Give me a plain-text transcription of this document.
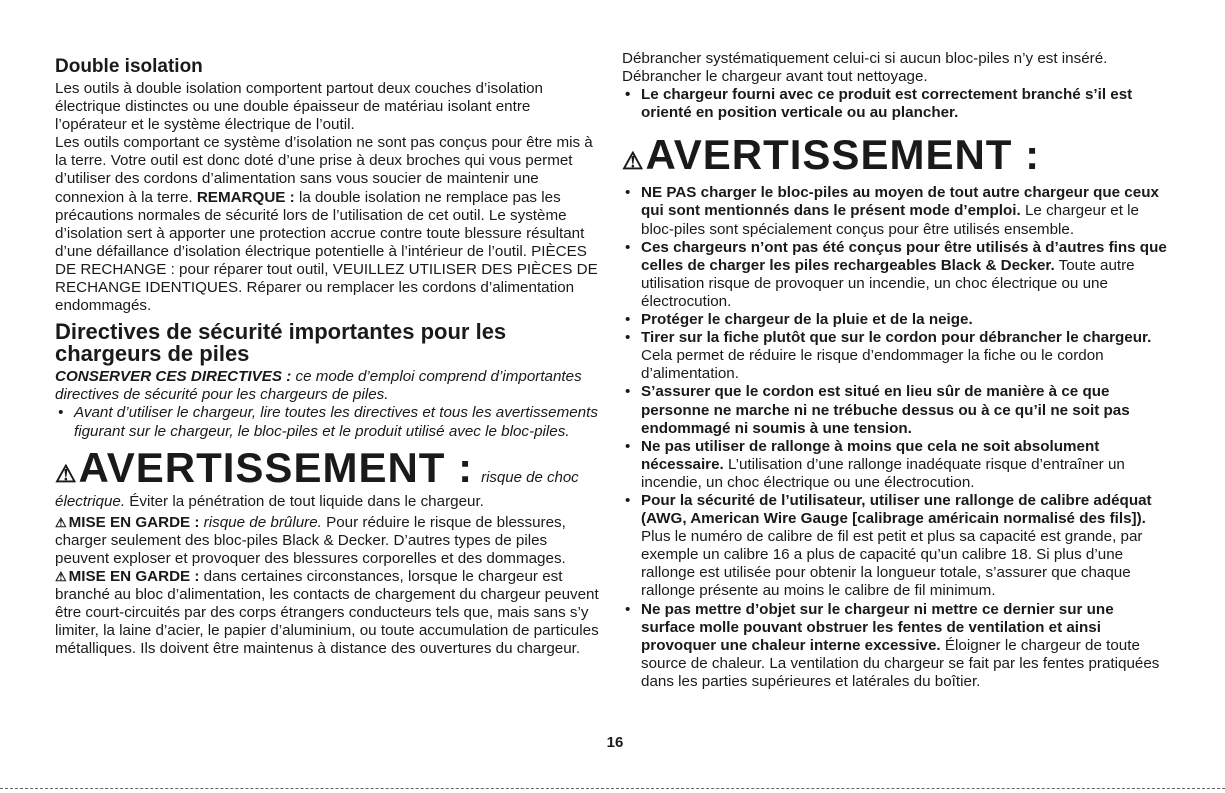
Double isolation

Les outils à double isolation comportent partout deux couches d’isolation électrique distinctes ou une double épaisseur de matériau isolant entre l’opérateur et le système électrique de l’outil.

Les outils comportant ce système d’isolation ne sont pas conçus pour être mis à la terre. Votre outil est donc doté d’une prise à deux broches qui vous permet d’utiliser des cordons d’alimentation sans vous soucier de maintenir une connexion à la terre. REMARQUE : la double isolation ne remplace pas les précautions normales de sécurité lors de l’utilisation de cet outil. Le système d’isolation sert à apporter une protection accrue contre toute blessure résultant d’une défaillance d’isolation électrique potentielle à l’intérieur de l’outil. PIÈCES DE RECHANGE : pour réparer tout outil, VEUILLEZ UTILISER DES PIÈCES DE RECHANGE IDENTIQUES. Réparer ou remplacer les cordons d’alimentation endommagés.

Directives de sécurité importantes pour les chargeurs de piles

CONSERVER CES DIRECTIVES : ce mode d’emploi comprend d’importantes directives de sécurité pour les chargeurs de piles.

• Avant d’utiliser le chargeur, lire toutes les directives et tous les avertissements figurant sur le chargeur, le bloc-piles et le produit utilisé avec le bloc-piles.
⚠ AVERTISSEMENT : risque de choc

électrique. Éviter la pénétration de tout liquide dans le chargeur.

⚠ MISE EN GARDE : risque de brûlure. Pour réduire le risque de blessures, charger seulement des bloc-piles Black & Decker. D’autres types de piles peuvent exploser et provoquer des blessures corporelles et des dommages.

⚠ MISE EN GARDE : dans certaines circonstances, lorsque le chargeur est branché au bloc d’alimentation, les contacts de chargement du chargeur peuvent être court-circuités par des corps étrangers conducteurs tels que, mais sans s’y limiter, la laine d’acier, le papier d’aluminium, ou toute accumulation de particules métalliques. Ils doivent être maintenus à distance des ouvertures du chargeur.

Débrancher systématiquement celui-ci si aucun bloc-piles n’y est inséré. Débrancher le chargeur avant tout nettoyage.

• Le chargeur fourni avec ce produit est correctement branché s’il est orienté en position verticale ou au plancher.
⚠ AVERTISSEMENT :
• NE PAS charger le bloc-piles au moyen de tout autre chargeur que ceux qui sont mentionnés dans le présent mode d’emploi. Le chargeur et le bloc-piles sont spécialement conçus pour être utilisés ensemble.
• Ces chargeurs n’ont pas été conçus pour être utilisés à d’autres fins que celles de charger les piles rechargeables Black & Decker. Toute autre utilisation risque de provoquer un incendie, un choc électrique ou une électrocution.
• Protéger le chargeur de la pluie et de la neige.
• Tirer sur la fiche plutôt que sur le cordon pour débrancher le chargeur. Cela permet de réduire le risque d’endommager la fiche ou le cordon d’alimentation.
• S’assurer que le cordon est situé en lieu sûr de manière à ce que personne ne marche ni ne trébuche dessus ou à ce qu’il ne soit pas endommagé ni soumis à une tension.
• Ne pas utiliser de rallonge à moins que cela ne soit absolument nécessaire. L’utilisation d’une rallonge inadéquate risque d’entraîner un incendie, un choc électrique ou une électrocution.
• Pour la sécurité de l’utilisateur, utiliser une rallonge de calibre adéquat (AWG, American Wire Gauge [calibrage américain normalisé des fils]). Plus le numéro de calibre de fil est petit et plus sa capacité est grande, par exemple un calibre 16 a plus de capacité qu’un calibre 18. Si plus d’une rallonge est utilisée pour obtenir la longueur totale, s’assurer que chaque rallonge présente au moins le calibre de fil minimum.
• Ne pas mettre d’objet sur le chargeur ni mettre ce dernier sur une surface molle pouvant obstruer les fentes de ventilation et ainsi provoquer une chaleur interne excessive. Éloigner le chargeur de toute source de chaleur. La ventilation du chargeur se fait par les fentes pratiquées dans les parties supérieures et latérales du boîtier.
16
